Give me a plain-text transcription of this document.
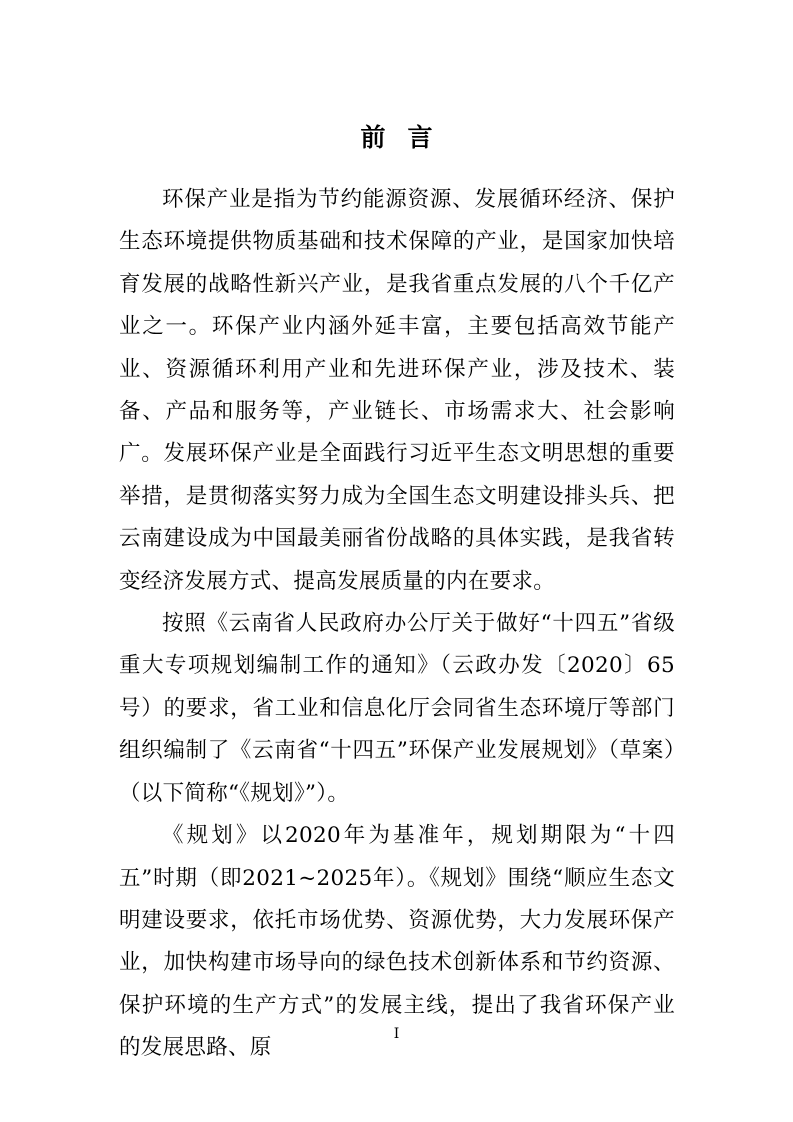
前言

环保产业是指为节约能源资源、发展循环经济、保护生态环境提供物质基础和技术保障的产业，是国家加快培育发展的战略性新兴产业，是我省重点发展的八个千亿产业之一。环保产业内涵外延丰富，主要包括高效节能产业、资源循环利用产业和先进环保产业，涉及技术、装备、产品和服务等，产业链长、市场需求大、社会影响广。发展环保产业是全面践行习近平生态文明思想的重要举措，是贯彻落实努力成为全国生态文明建设排头兵、把云南建设成为中国最美丽省份战略的具体实践，是我省转变经济发展方式、提高发展质量的内在要求。

按照《云南省人民政府办公厅关于做好“十四五”省级重大专项规划编制工作的通知》（云政办发〔2020〕65号）的要求，省工业和信息化厅会同省生态环境厅等部门组织编制了《云南省“十四五”环保产业发展规划》（草案）（以下简称“《规划》”）。

《规划》以2020年为基准年，规划期限为“十四五”时期（即2021~2025年）。《规划》围绕“顺应生态文明建设要求，依托市场优势、资源优势，大力发展环保产业，加快构建市场导向的绿色技术创新体系和节约资源、保护环境的生产方式”的发展主线，提出了我省环保产业的发展思路、原

I
